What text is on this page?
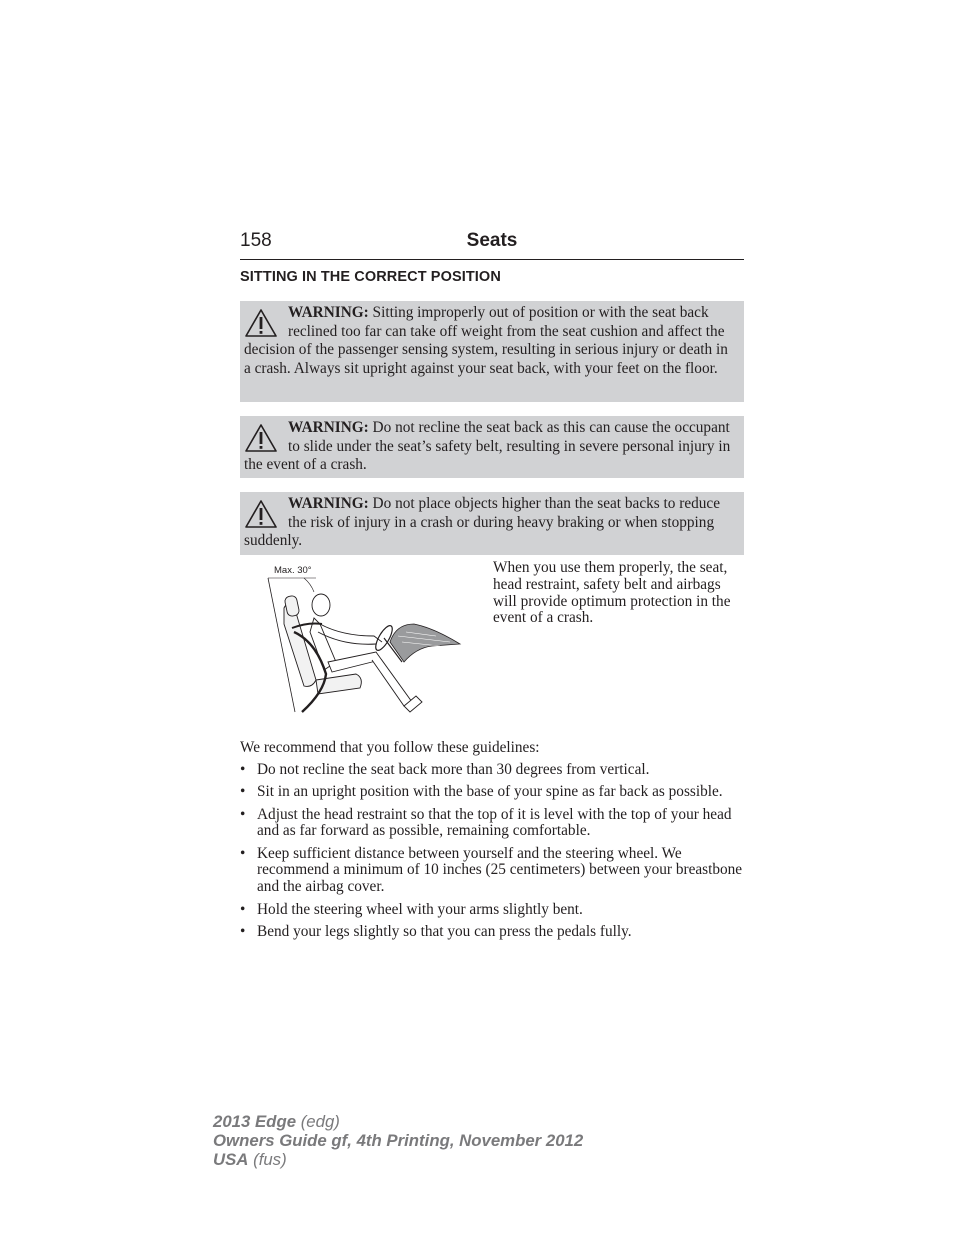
158	Seats
SITTING IN THE CORRECT POSITION
WARNING: Sitting improperly out of position or with the seat back reclined too far can take off weight from the seat cushion and affect the decision of the passenger sensing system, resulting in serious injury or death in a crash. Always sit upright against your seat back, with your feet on the floor.
WARNING: Do not recline the seat back as this can cause the occupant to slide under the seat’s safety belt, resulting in severe personal injury in the event of a crash.
WARNING: Do not place objects higher than the seat backs to reduce the risk of injury in a crash or during heavy braking or when stopping suddenly.
Max. 30°	When you use them properly, the seat, head restraint, safety belt and airbags will provide optimum protection in the event of a crash.
We recommend that you follow these guidelines:
• Do not recline the seat back more than 30 degrees from vertical.
• Sit in an upright position with the base of your spine as far back as possible.
• Adjust the head restraint so that the top of it is level with the top of your head and as far forward as possible, remaining comfortable.
• Keep sufficient distance between yourself and the steering wheel. We recommend a minimum of 10 inches (25 centimeters) between your breastbone and the airbag cover.
• Hold the steering wheel with your arms slightly bent.
• Bend your legs slightly so that you can press the pedals fully.
2013 Edge (edg)
Owners Guide gf, 4th Printing, November 2012
USA (fus)
